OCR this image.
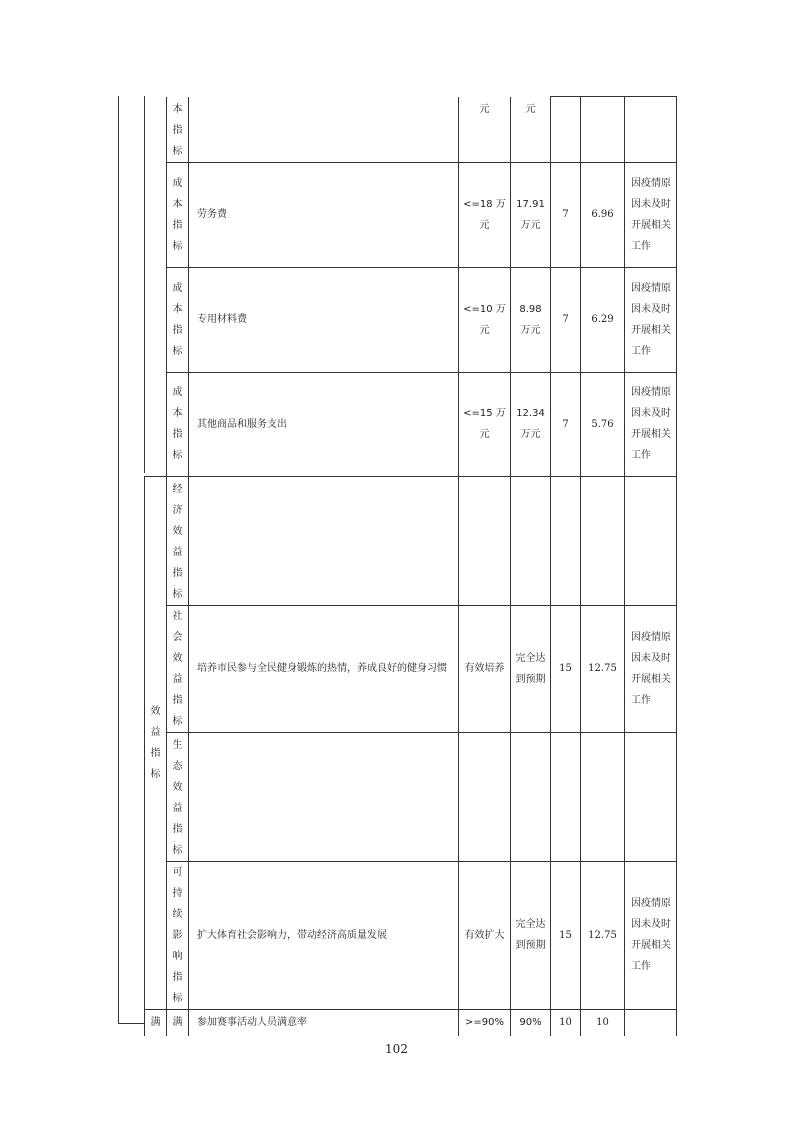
	本指标		元	元			

	成本指标	劳务费	<=18 万元	17.91 万元	7	6.96	因疫情原因未及时开展相关工作

	成本指标	专用材料费	<=10 万元	8.98 万元	7	6.29	因疫情原因未及时开展相关工作

	成本指标	其他商品和服务支出	<=15 万元	12.34 万元	7	5.76	因疫情原因未及时开展相关工作

效益指标	经济效益指标						

	社会效益指标	培养市民参与全民健身锻炼的热情，养成良好的健身习惯	有效培养	完全达到预期	15	12.75	因疫情原因未及时开展相关工作

	生态效益指标						

	可持续影响指标	扩大体育社会影响力，带动经济高质量发展	有效扩大	完全达到预期	15	12.75	因疫情原因未及时开展相关工作

满	满	参加赛事活动人员满意率	>=90%	90%	10	10	

102
